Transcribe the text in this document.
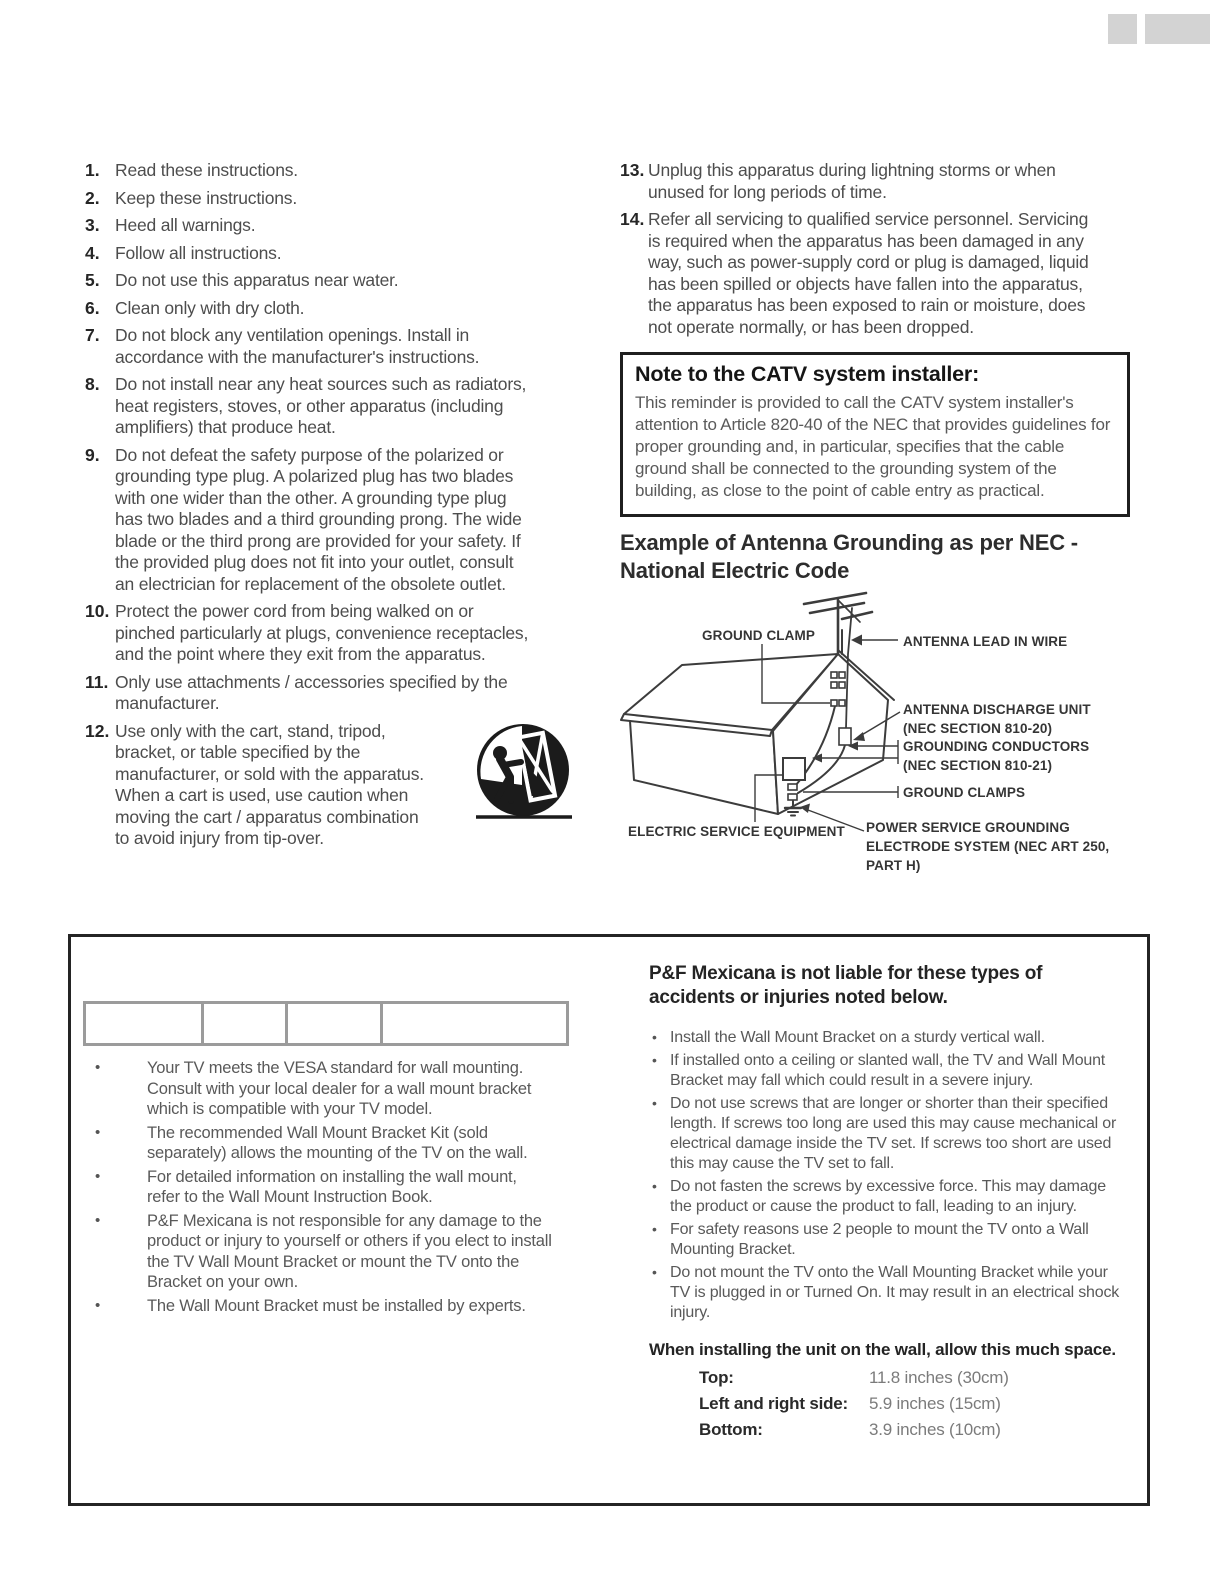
1. Read these instructions.
2. Keep these instructions.
3. Heed all warnings.
4. Follow all instructions.
5. Do not use this apparatus near water.
6. Clean only with dry cloth.
7. Do not block any ventilation openings. Install in accordance with the manufacturer's instructions.
8. Do not install near any heat sources such as radiators, heat registers, stoves, or other apparatus (including amplifiers) that produce heat.
9. Do not defeat the safety purpose of the polarized or grounding type plug. A polarized plug has two blades with one wider than the other. A grounding type plug has two blades and a third grounding prong. The wide blade or the third prong are provided for your safety. If the provided plug does not fit into your outlet, consult an electrician for replacement of the obsolete outlet.
10. Protect the power cord from being walked on or pinched particularly at plugs, convenience receptacles, and the point where they exit from the apparatus.
11. Only use attachments / accessories specified by the manufacturer.
12. Use only with the cart, stand, tripod, bracket, or table specified by the manufacturer, or sold with the apparatus. When a cart is used, use caution when moving the cart / apparatus combination to avoid injury from tip-over.
13. Unplug this apparatus during lightning storms or when unused for long periods of time.
14. Refer all servicing to qualified service personnel. Servicing is required when the apparatus has been damaged in any way, such as power-supply cord or plug is damaged, liquid has been spilled or objects have fallen into the apparatus, the apparatus has been exposed to rain or moisture, does not operate normally, or has been dropped.
Note to the CATV system installer:
This reminder is provided to call the CATV system installer's attention to Article 820-40 of the NEC that provides guidelines for proper grounding and, in particular, specifies that the cable ground shall be connected to the grounding system of the building, as close to the point of cable entry as practical.
Example of Antenna Grounding as per NEC - National Electric Code
GROUND CLAMP	ANTENNA LEAD IN WIRE
ANTENNA DISCHARGE UNIT (NEC SECTION 810-20)
GROUNDING CONDUCTORS (NEC SECTION 810-21)
GROUND CLAMPS
ELECTRIC SERVICE EQUIPMENT	POWER SERVICE GROUNDING ELECTRODE SYSTEM (NEC ART 250, PART H)

• Your TV meets the VESA standard for wall mounting. Consult with your local dealer for a wall mount bracket which is compatible with your TV model.
• The recommended Wall Mount Bracket Kit (sold separately) allows the mounting of the TV on the wall.
• For detailed information on installing the wall mount, refer to the Wall Mount Instruction Book.
• P&F Mexicana is not responsible for any damage to the product or injury to yourself or others if you elect to install the TV Wall Mount Bracket or mount the TV onto the Bracket on your own.
• The Wall Mount Bracket must be installed by experts.
P&F Mexicana is not liable for these types of accidents or injuries noted below.
• Install the Wall Mount Bracket on a sturdy vertical wall.
• If installed onto a ceiling or slanted wall, the TV and Wall Mount Bracket may fall which could result in a severe injury.
• Do not use screws that are longer or shorter than their specified length. If screws too long are used this may cause mechanical or electrical damage inside the TV set. If screws too short are used this may cause the TV set to fall.
• Do not fasten the screws by excessive force. This may damage the product or cause the product to fall, leading to an injury.
• For safety reasons use 2 people to mount the TV onto a Wall Mounting Bracket.
• Do not mount the TV onto the Wall Mounting Bracket while your TV is plugged in or Turned On. It may result in an electrical shock injury.
When installing the unit on the wall, allow this much space.
Top:	11.8 inches (30cm)
Left and right side:	5.9 inches (15cm)
Bottom:	3.9 inches (10cm)
